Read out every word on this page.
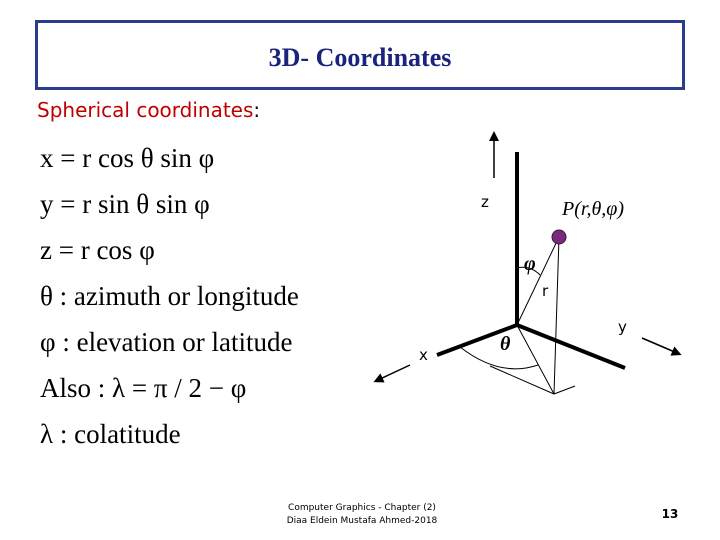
3D- Coordinates
Spherical coordinates:
x = r cos θ sin φ
y = r sin θ sin φ
z = r cos φ
θ : azimuth or longitude
φ : elevation or latitude
Also : λ = π / 2 − φ
λ : colatitude
z
y
x
r
φ
θ
P(r,θ,φ)
Computer Graphics - Chapter (2)
Diaa Eldein Mustafa Ahmed-2018	13
